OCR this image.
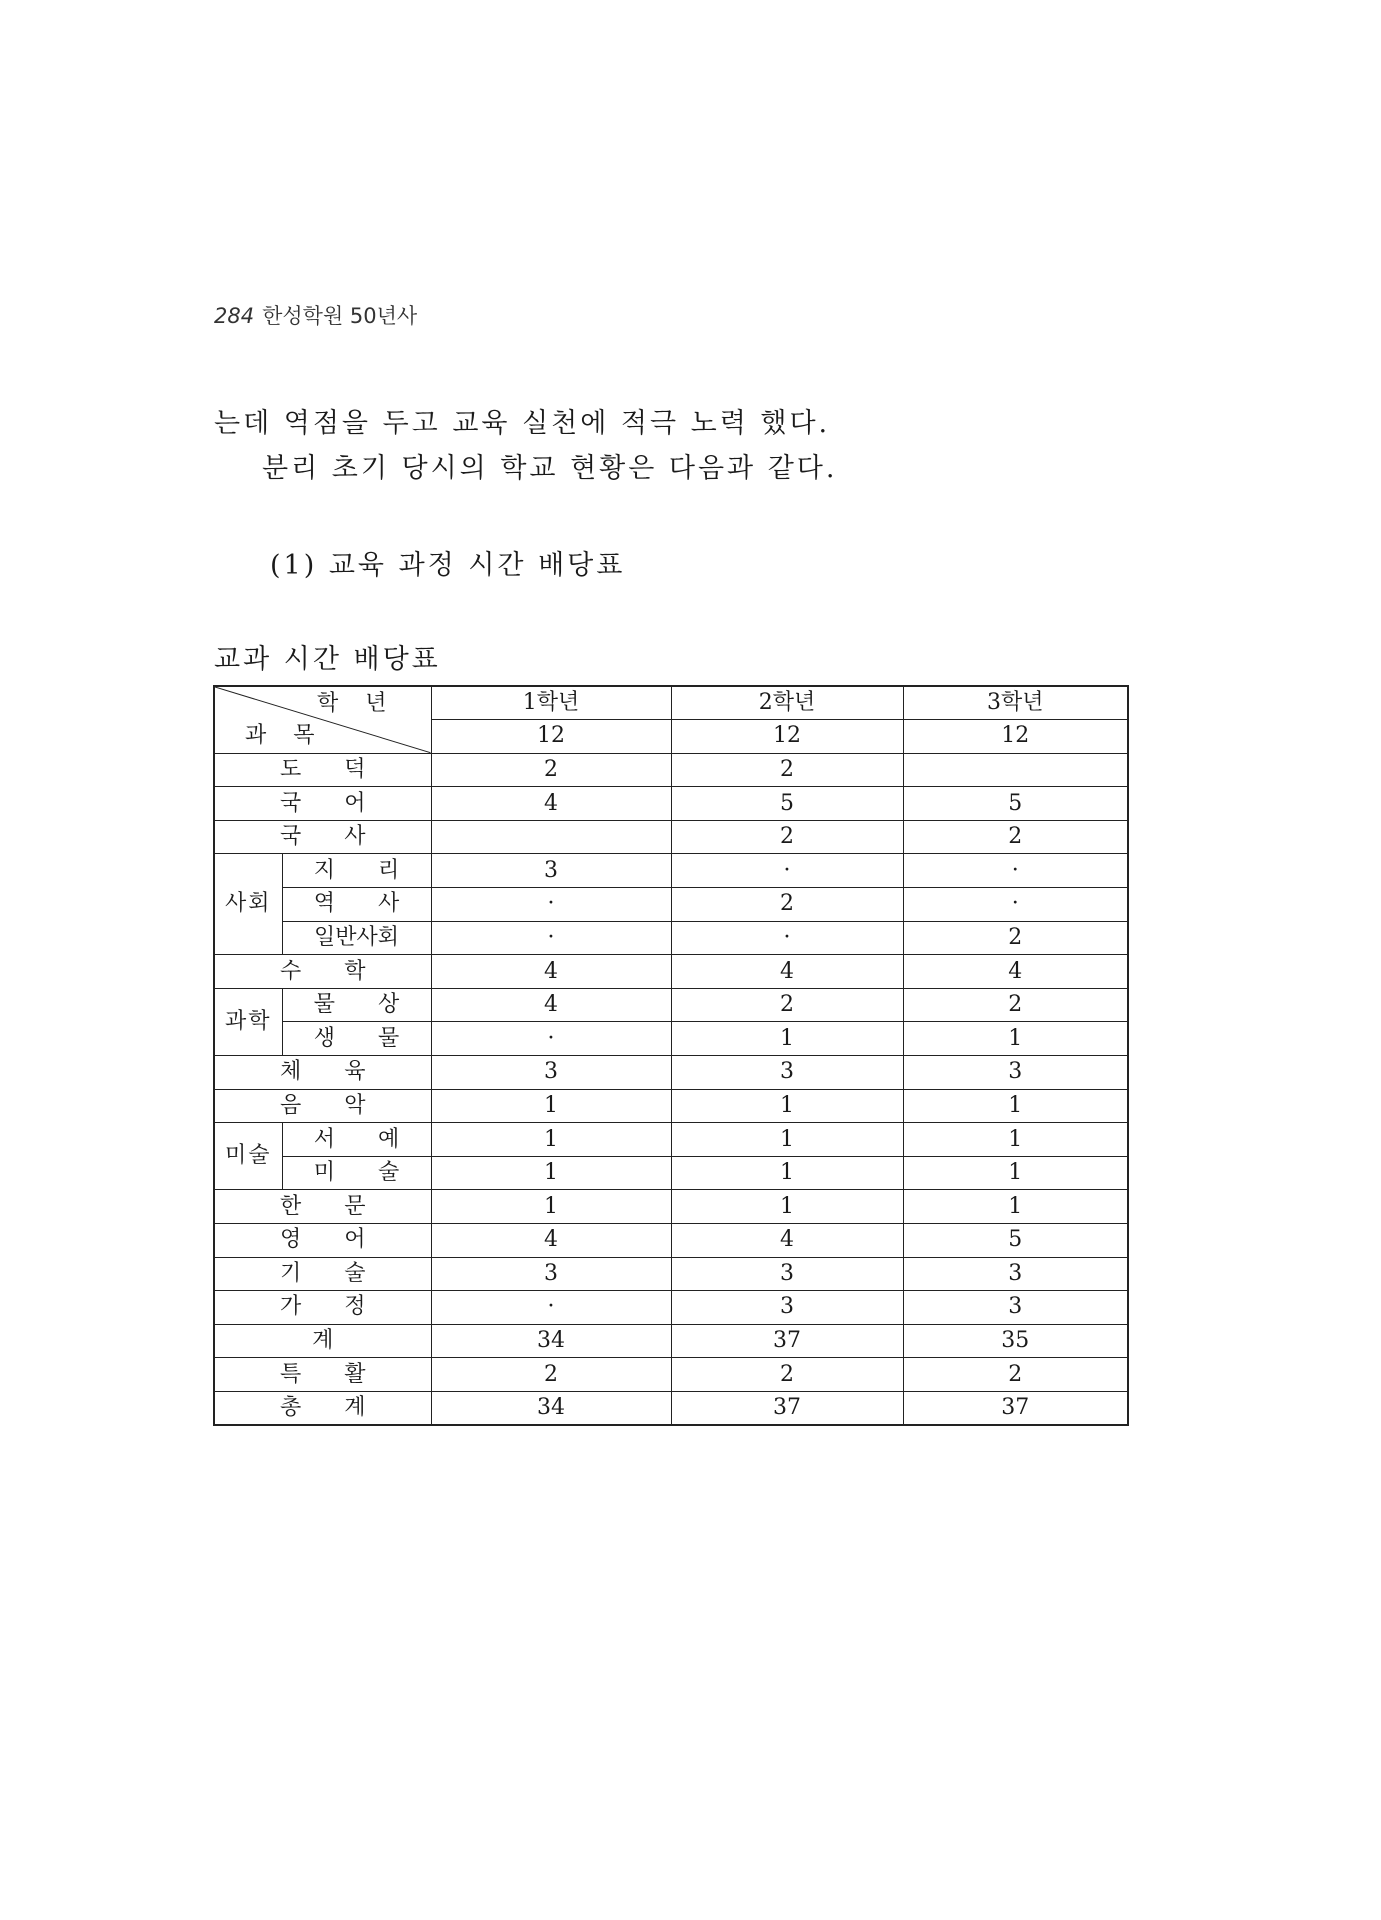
284 한성학원 50년사
는데 역점을 두고 교육 실천에 적극 노력 했다.
분리 초기 당시의 학교 현황은 다음과 같다.
(1) 교육 과정 시간 배당표
교과 시간 배당표
학 년
과 목		1학년	2학년	3학년
		12	12	12
도 덕		2	2	
국 어		4	5	5
국 사			2	2
사회	지 리	3	·	·
	역 사	·	2	·
	일반사회	·	·	2
수 학		4	4	4
과학	물 상	4	2	2
	생 물	·	1	1
체 육		3	3	3
음 악		1	1	1
미술	서 예	1	1	1
	미 술	1	1	1
한 문		1	1	1
영 어		4	4	5
기 술		3	3	3
가 정		·	3	3
계		34	37	35
특 활		2	2	2
총 계		34	37	37
